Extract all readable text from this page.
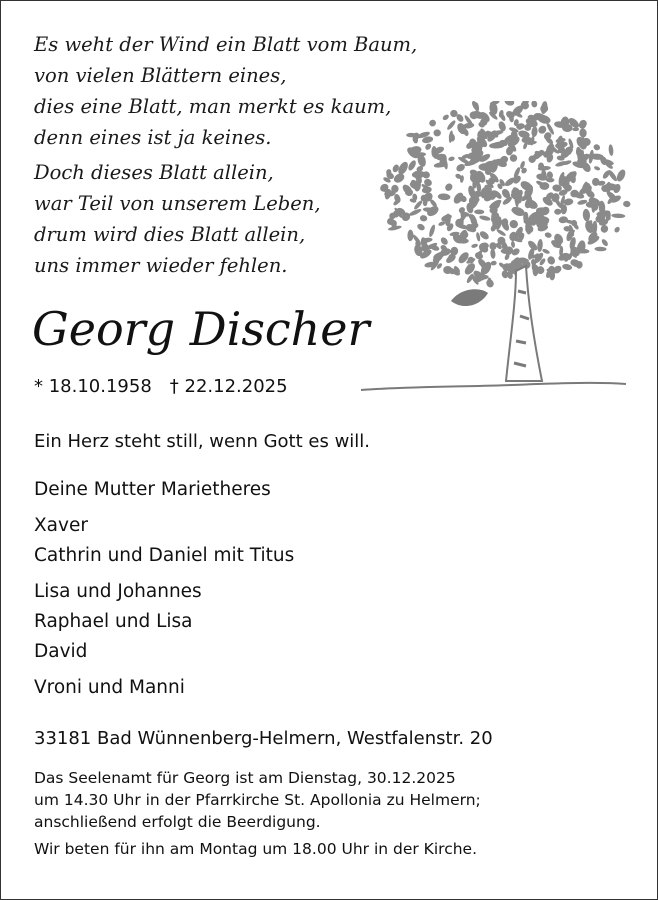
Es weht der Wind ein Blatt vom Baum,
von vielen Blättern eines,
dies eine Blatt, man merkt es kaum,
denn eines ist ja keines.
Doch dieses Blatt allein,
war Teil von unserem Leben,
drum wird dies Blatt allein,
uns immer wieder fehlen.
Georg Discher
* 18.10.1958 † 22.12.2025
Ein Herz steht still, wenn Gott es will.
Deine Mutter Marietheres
Xaver
Cathrin und Daniel mit Titus
Lisa und Johannes
Raphael und Lisa
David
Vroni und Manni
33181 Bad Wünnenberg-Helmern, Westfalenstr. 20
Das Seelenamt für Georg ist am Dienstag, 30.12.2025
um 14.30 Uhr in der Pfarrkirche St. Apollonia zu Helmern;
anschließend erfolgt die Beerdigung.
Wir beten für ihn am Montag um 18.00 Uhr in der Kirche.
